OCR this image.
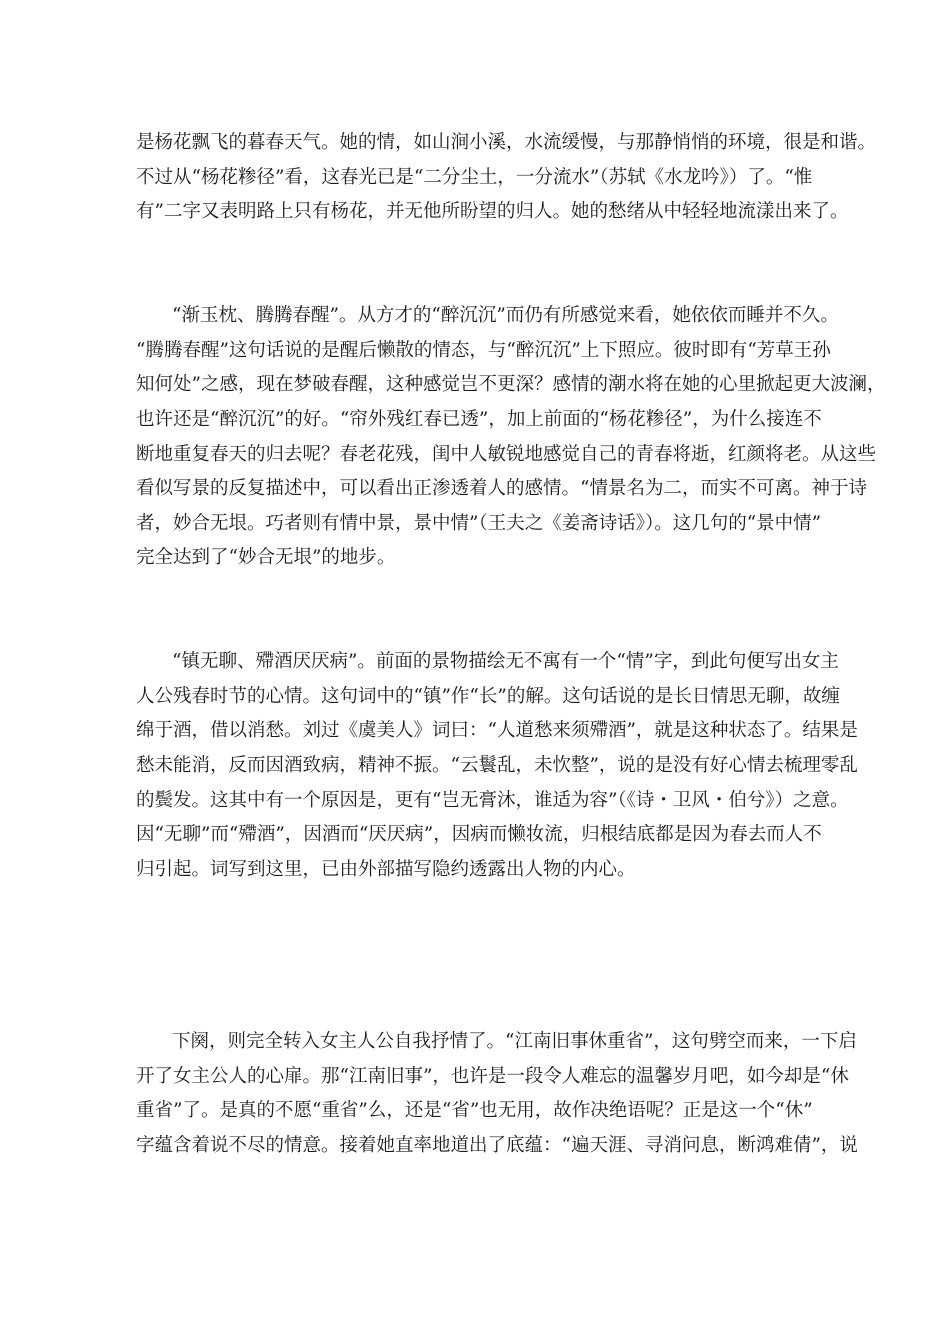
是杨花飘飞的暮春天气。她的情，如山涧小溪，水流缓慢，与那静悄悄的环境，很是和谐。
不过从“杨花糁径”看，这春光已是“二分尘土，一分流水”（苏轼《水龙吟》）了。“惟
有”二字又表明路上只有杨花，并无他所盼望的归人。她的愁绪从中轻轻地流漾出来了。
“渐玉枕、腾腾春醒”。从方才的“醉沉沉”而仍有所感觉来看，她依依而睡并不久。
“腾腾春醒”这句话说的是醒后懒散的情态，与“醉沉沉”上下照应。彼时即有“芳草王孙
知何处”之感，现在梦破春醒，这种感觉岂不更深？感情的潮水将在她的心里掀起更大波澜，
也许还是“醉沉沉”的好。“帘外残红春已透”，加上前面的“杨花糁径”，为什么接连不
断地重复春天的归去呢？春老花残，闺中人敏锐地感觉自己的青春将逝，红颜将老。从这些
看似写景的反复描述中，可以看出正渗透着人的感情。“情景名为二，而实不可离。神于诗
者，妙合无垠。巧者则有情中景，景中情”（王夫之《姜斋诗话》）。这几句的“景中情”
完全达到了“妙合无垠”的地步。
“镇无聊、殢酒厌厌病”。前面的景物描绘无不寓有一个“情”字，到此句便写出女主
人公残春时节的心情。这句词中的“镇”作“长”的解。这句话说的是长日情思无聊，故缠
绵于酒，借以消愁。刘过《虞美人》词曰：“人道愁来须殢酒”，就是这种状态了。结果是
愁未能消，反而因酒致病，精神不振。“云鬟乱，未忺整”，说的是没有好心情去梳理零乱
的鬓发。这其中有一个原因是，更有“岂无膏沐，谁适为容”（《诗・卫风・伯兮》）之意。
因“无聊”而“殢酒”，因酒而“厌厌病”，因病而懒妆流，归根结底都是因为春去而人不
归引起。词写到这里，已由外部描写隐约透露出人物的内心。
下阕，则完全转入女主人公自我抒情了。“江南旧事休重省”，这句劈空而来，一下启
开了女主公人的心扉。那“江南旧事”，也许是一段令人难忘的温馨岁月吧，如今却是“休
重省”了。是真的不愿“重省”么，还是“省”也无用，故作决绝语呢？正是这一个“休”
字蕴含着说不尽的情意。接着她直率地道出了底蕴：“遍天涯、寻消问息，断鸿难倩”，说
